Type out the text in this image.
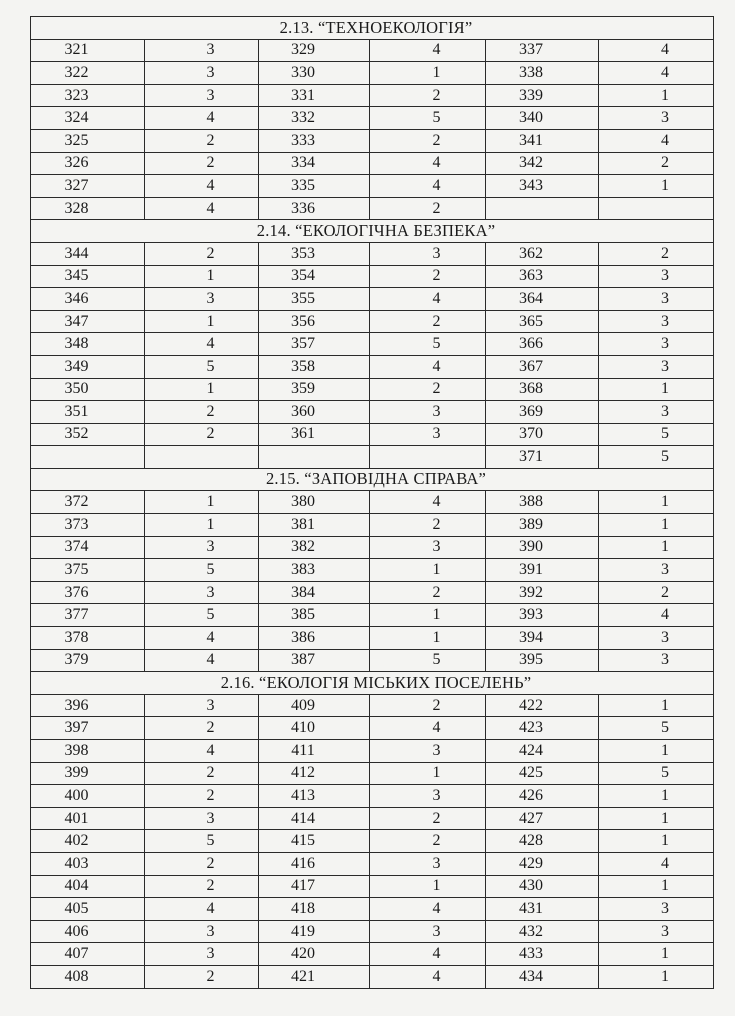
2.13. “ТЕХНОЕКОЛОГІЯ”					
321	3	329	4	337	4
322	3	330	1	338	4
323	3	331	2	339	1
324	4	332	5	340	3
325	2	333	2	341	4
326	2	334	4	342	2
327	4	335	4	343	1
328	4	336	2		
2.14. “ЕКОЛОГІЧНА БЕЗПЕКА”					
344	2	353	3	362	2
345	1	354	2	363	3
346	3	355	4	364	3
347	1	356	2	365	3
348	4	357	5	366	3
349	5	358	4	367	3
350	1	359	2	368	1
351	2	360	3	369	3
352	2	361	3	370	5
				371	5
2.15. “ЗАПОВІДНА СПРАВА”					
372	1	380	4	388	1
373	1	381	2	389	1
374	3	382	3	390	1
375	5	383	1	391	3
376	3	384	2	392	2
377	5	385	1	393	4
378	4	386	1	394	3
379	4	387	5	395	3
2.16. “ЕКОЛОГІЯ МІСЬКИХ ПОСЕЛЕНЬ”					
396	3	409	2	422	1
397	2	410	4	423	5
398	4	411	3	424	1
399	2	412	1	425	5
400	2	413	3	426	1
401	3	414	2	427	1
402	5	415	2	428	1
403	2	416	3	429	4
404	2	417	1	430	1
405	4	418	4	431	3
406	3	419	3	432	3
407	3	420	4	433	1
408	2	421	4	434	1
